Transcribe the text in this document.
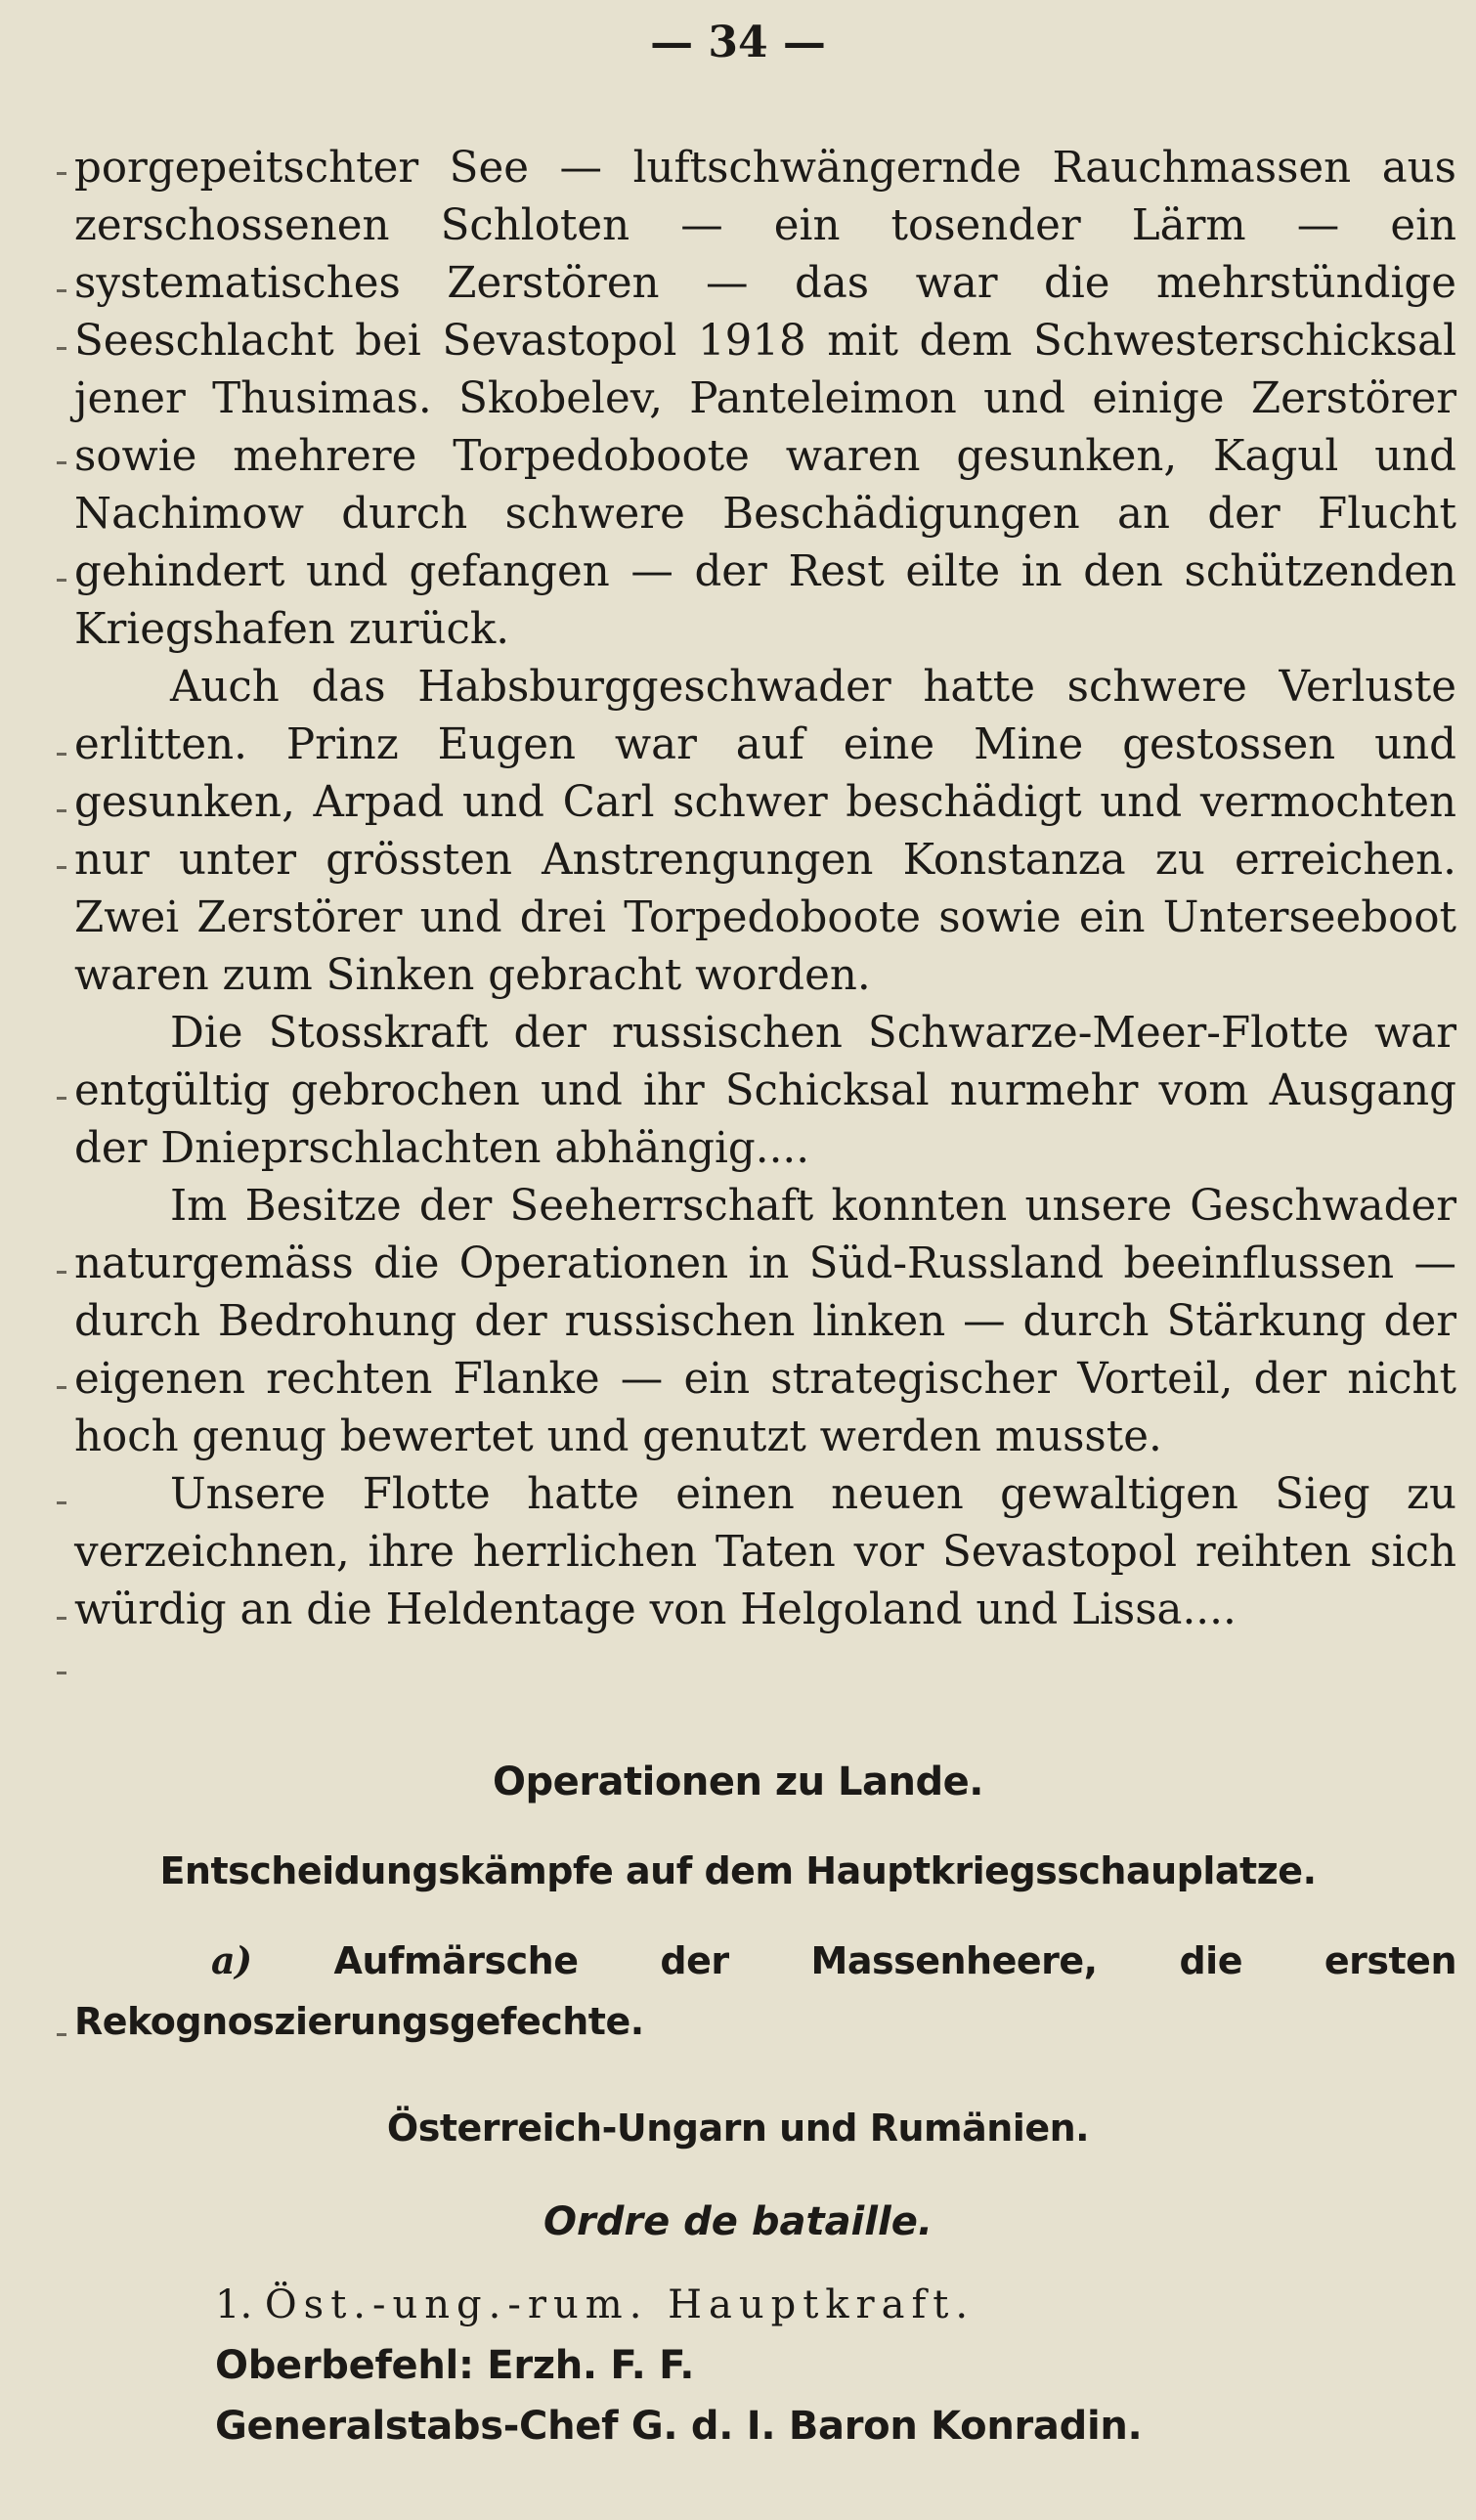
— 34 —

porgepeitschter See — luftschwängernde Rauchmassen aus zerschossenen Schloten — ein tosender Lärm — ein systematisches Zerstören — das war die mehrstündige Seeschlacht bei Sevastopol 1918 mit dem Schwesterschicksal jener Thusimas. Skobelev, Panteleimon und einige Zerstörer sowie mehrere Torpedoboote waren gesunken, Kagul und Nachimow durch schwere Beschädigungen an der Flucht gehindert und gefangen — der Rest eilte in den schützenden Kriegshafen zurück.

Auch das Habsburggeschwader hatte schwere Verluste erlitten. Prinz Eugen war auf eine Mine gestossen und gesunken, Arpad und Carl schwer beschädigt und vermochten nur unter grössten Anstrengungen Konstanza zu erreichen. Zwei Zerstörer und drei Torpedoboote sowie ein Unterseeboot waren zum Sinken gebracht worden.

Die Stosskraft der russischen Schwarze-Meer-Flotte war entgültig gebrochen und ihr Schicksal nurmehr vom Ausgang der Dnieprschlachten abhängig....

Im Besitze der Seeherrschaft konnten unsere Geschwader naturgemäss die Operationen in Süd-Russland beeinflussen — durch Bedrohung der russischen linken — durch Stärkung der eigenen rechten Flanke — ein strategischer Vorteil, der nicht hoch genug bewertet und genutzt werden musste.

Unsere Flotte hatte einen neuen gewaltigen Sieg zu verzeichnen, ihre herrlichen Taten vor Sevastopol reihten sich würdig an die Heldentage von Helgoland und Lissa....

Operationen zu Lande.
Entscheidungskämpfe auf dem Hauptkriegsschauplatze.

a) Aufmärsche der Massenheere, die ersten Rekognoszierungsgefechte.

Österreich-Ungarn und Rumänien.
Ordre de bataille.
1. Öst.-ung.-rum. Hauptkraft.
Oberbefehl: Erzh. F. F.
Generalstabs-Chef G. d. I. Baron Konradin.
